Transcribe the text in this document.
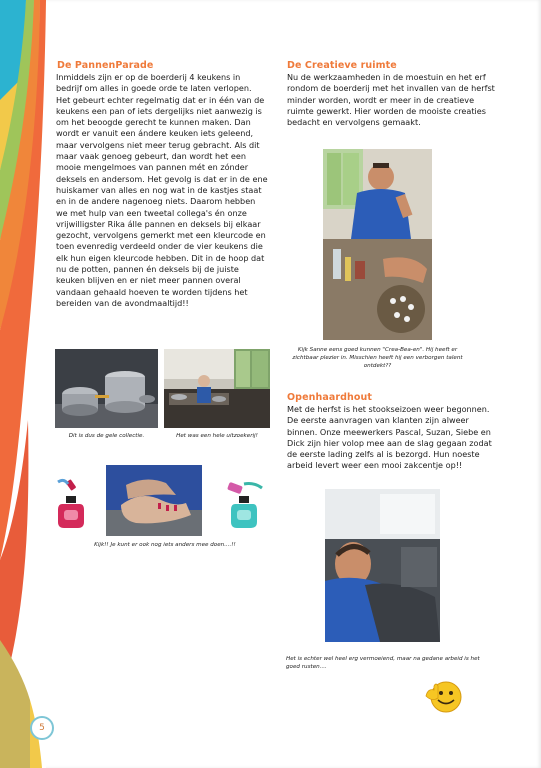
5
De PannenParade

Inmiddels zijn er op de boerderij 4 keukens in bedrijf om alles in goede orde te laten verlopen. Het gebeurt echter regelmatig dat er in één van de keukens een pan of iets dergelijks niet aanwezig is om het beoogde gerecht te kunnen maken. Dan wordt er vanuit een ándere keuken iets geleend, maar vervolgens niet meer terug gebracht. Als dit maar vaak genoeg gebeurt, dan wordt het een mooie mengelmoes van pannen mét en zónder deksels en andersom. Het gevolg is dat er in de ene huiskamer van alles en nog wat in de kastjes staat en in de andere nagenoeg niets. Daarom hebben we met hulp van een tweetal collega's én onze vrijwilligster Rika álle pannen en deksels bij elkaar gezocht, vervolgens gemerkt met een kleurcode en toen evenredig verdeeld onder de vier keukens die elk hun eigen kleurcode hebben. Dit in de hoop dat nu de potten, pannen én deksels bij de juiste keuken blijven en er niet meer pannen overal vandaan gehaald hoeven te worden tijdens het bereiden van de avondmaaltijd!!

Dit is dus de gele collectie.	Het was een hele uitzoekerij!

Kijk!! Je kunt er ook nog iets anders mee doen....!!

De Creatieve ruimte

Nu de werkzaamheden in de moestuin en het erf rondom de boerderij met het invallen van de herfst minder worden, wordt er meer in de creatieve ruimte gewerkt. Hier worden de mooiste creaties bedacht en vervolgens gemaakt.

Kijk Sanne eens goed kunnen "Crea-Bea-en". Hij heeft er zichtbaar plezier in. Misschien heeft hij een verborgen talent ontdekt??

Openhaardhout

Met de herfst is het stookseizoen weer begonnen. De eerste aanvragen van klanten zijn alweer binnen. Onze meewerkers Pascal, Suzan, Siebe en Dick zijn hier volop mee aan de slag gegaan zodat de eerste lading zelfs al is bezorgd. Hun noeste arbeid levert weer een mooi zakcentje op!!

Het is echter wel heel erg vermoeiend, maar na gedane arbeid is het goed rusten....
